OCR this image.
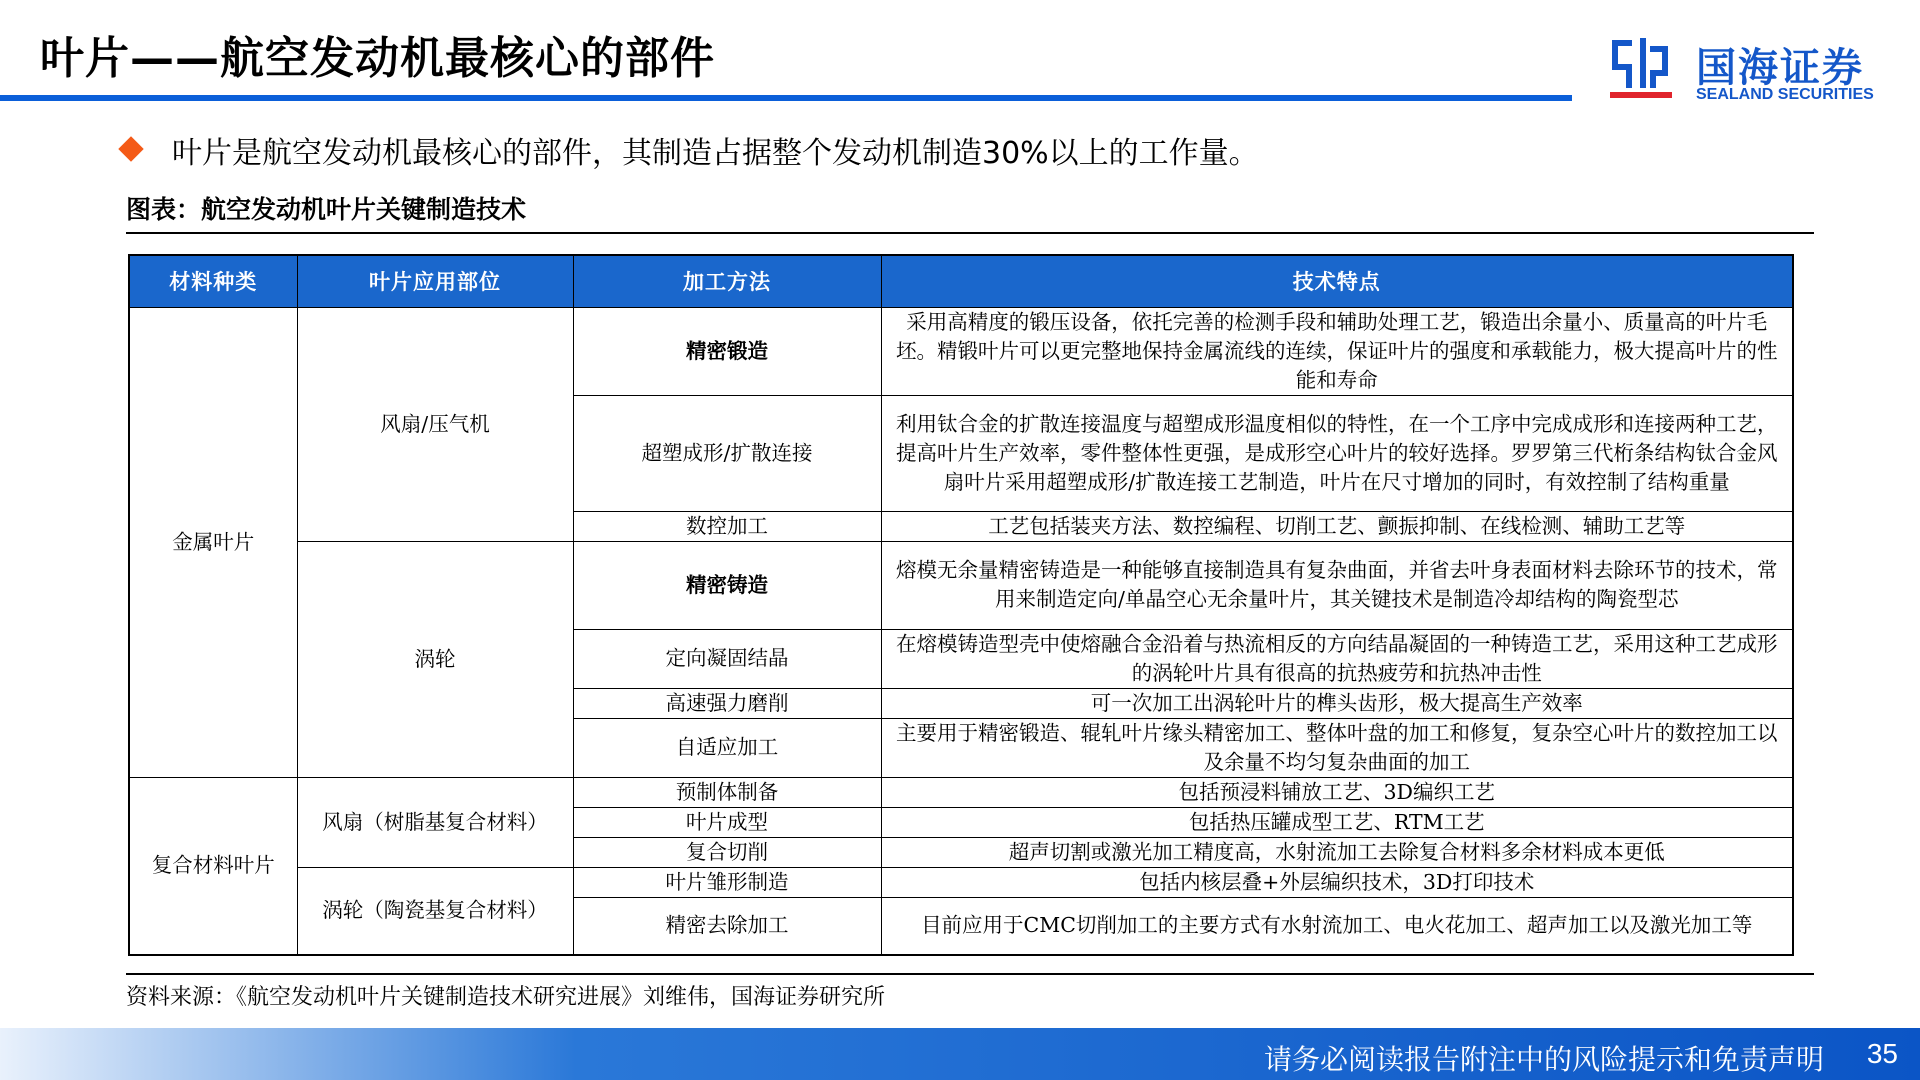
叶片——航空发动机最核心的部件	国海证券
SEALAND SECURITIES
叶片是航空发动机最核心的部件，其制造占据整个发动机制造30%以上的工作量。
图表：航空发动机叶片关键制造技术
材料种类	叶片应用部位	加工方法	技术特点
金属叶片	风扇/压气机	精密锻造	采用高精度的锻压设备，依托完善的检测手段和辅助处理工艺，锻造出余量小、质量高的叶片毛坯。精锻叶片可以更完整地保持金属流线的连续，保证叶片的强度和承载能力，极大提高叶片的性能和寿命
		超塑成形/扩散连接	利用钛合金的扩散连接温度与超塑成形温度相似的特性，在一个工序中完成成形和连接两种工艺，提高叶片生产效率，零件整体性更强，是成形空心叶片的较好选择。罗罗第三代桁条结构钛合金风扇叶片采用超塑成形/扩散连接工艺制造，叶片在尺寸增加的同时，有效控制了结构重量
		数控加工	工艺包括装夹方法、数控编程、切削工艺、颤振抑制、在线检测、辅助工艺等
	涡轮	精密铸造	熔模无余量精密铸造是一种能够直接制造具有复杂曲面，并省去叶身表面材料去除环节的技术，常用来制造定向/单晶空心无余量叶片，其关键技术是制造冷却结构的陶瓷型芯
		定向凝固结晶	在熔模铸造型壳中使熔融合金沿着与热流相反的方向结晶凝固的一种铸造工艺，采用这种工艺成形的涡轮叶片具有很高的抗热疲劳和抗热冲击性
		高速强力磨削	可一次加工出涡轮叶片的榫头齿形，极大提高生产效率
		自适应加工	主要用于精密锻造、辊轧叶片缘头精密加工、整体叶盘的加工和修复，复杂空心叶片的数控加工以及余量不均匀复杂曲面的加工
复合材料叶片	风扇（树脂基复合材料）	预制体制备	包括预浸料铺放工艺、3D编织工艺
		叶片成型	包括热压罐成型工艺、RTM工艺
		复合切削	超声切割或激光加工精度高，水射流加工去除复合材料多余材料成本更低
	涡轮（陶瓷基复合材料）	叶片雏形制造	包括内核层叠+外层编织技术，3D打印技术
		精密去除加工	目前应用于CMC切削加工的主要方式有水射流加工、电火花加工、超声加工以及激光加工等
资料来源：《航空发动机叶片关键制造技术研究进展》刘维伟，国海证券研究所
请务必阅读报告附注中的风险提示和免责声明 35
